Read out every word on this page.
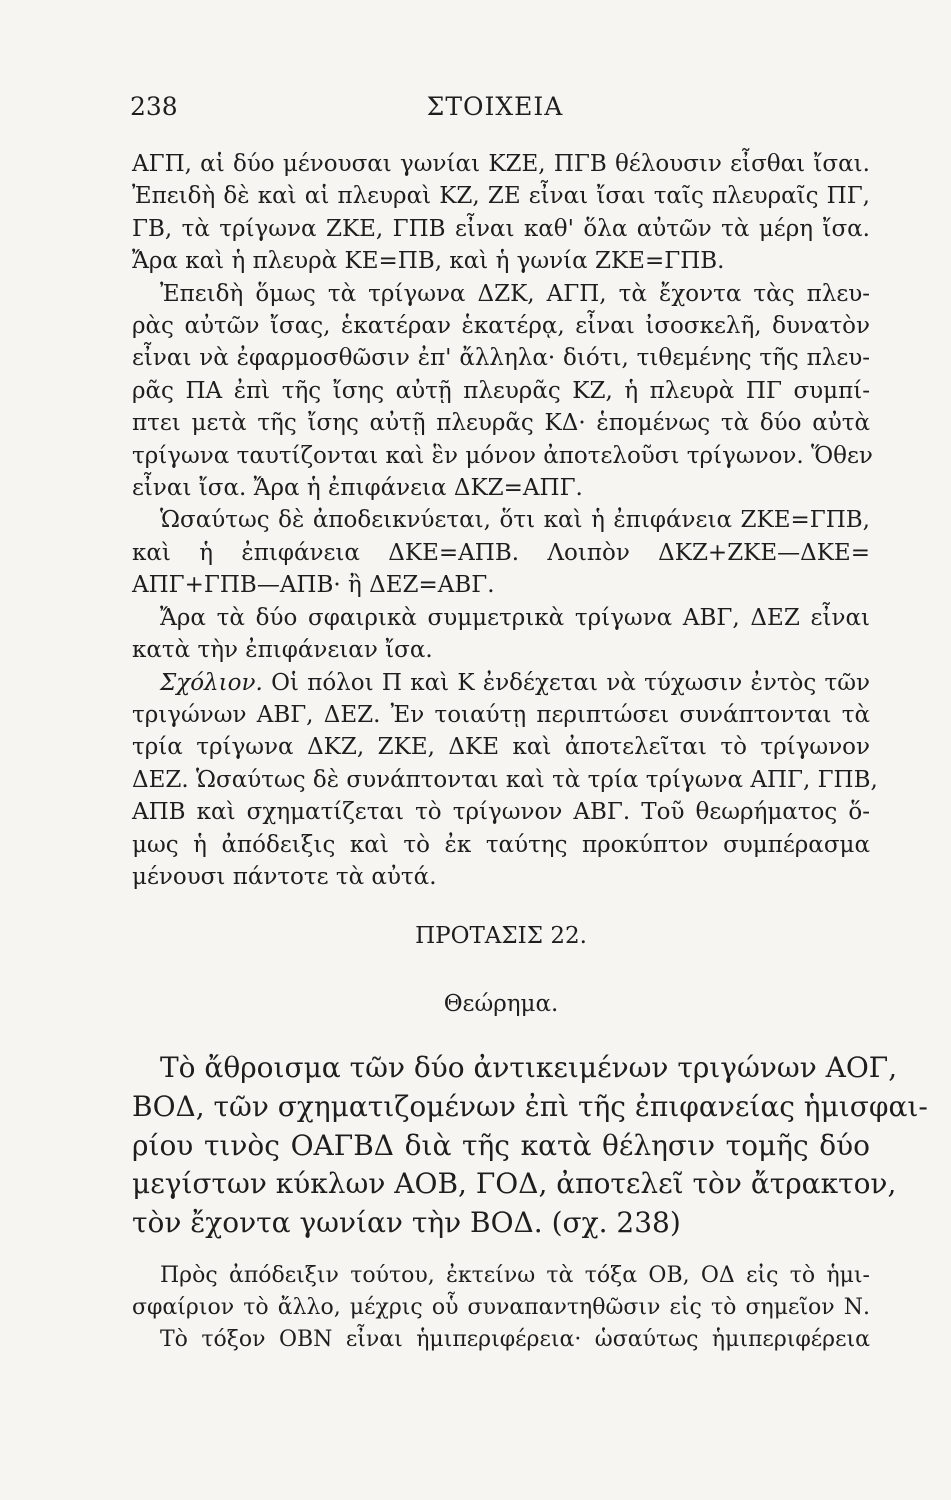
238	ΣΤΟΙΧΕΙΑ
ΑΓΠ, αἱ δύο μένουσαι γωνίαι ΚΖΕ, ΠΓΒ θέλουσιν εἶσθαι ἴσαι.
Ἐπειδὴ δὲ καὶ αἱ πλευραὶ ΚΖ, ΖΕ εἶναι ἴσαι ταῖς πλευραῖς ΠΓ,
ΓΒ, τὰ τρίγωνα ΖΚΕ, ΓΠΒ εἶναι καθ' ὅλα αὐτῶν τὰ μέρη ἴσα.
Ἄρα καὶ ἡ πλευρὰ ΚΕ=ΠΒ, καὶ ἡ γωνία ΖΚΕ=ΓΠΒ.
Ἐπειδὴ ὅμως τὰ τρίγωνα ΔΖΚ, ΑΓΠ, τὰ ἔχοντα τὰς πλευ-
ρὰς αὐτῶν ἴσας, ἑκατέραν ἑκατέρᾳ, εἶναι ἰσοσκελῆ, δυνατὸν
εἶναι νὰ ἐφαρμοσθῶσιν ἐπ' ἄλληλα· διότι, τιθεμένης τῆς πλευ-
ρᾶς ΠΑ ἐπὶ τῆς ἴσης αὐτῇ πλευρᾶς ΚΖ, ἡ πλευρὰ ΠΓ συμπί-
πτει μετὰ τῆς ἴσης αὐτῇ πλευρᾶς ΚΔ· ἑπομένως τὰ δύο αὐτὰ
τρίγωνα ταυτίζονται καὶ ἓν μόνον ἀποτελοῦσι τρίγωνον. Ὅθεν
εἶναι ἴσα. Ἄρα ἡ ἐπιφάνεια ΔΚΖ=ΑΠΓ.
Ὡσαύτως δὲ ἀποδεικνύεται, ὅτι καὶ ἡ ἐπιφάνεια ΖΚΕ=ΓΠΒ,
καὶ ἡ ἐπιφάνεια ΔΚΕ=ΑΠΒ. Λοιπὸν ΔΚΖ+ΖΚΕ—ΔΚΕ=
ΑΠΓ+ΓΠΒ—ΑΠΒ· ἢ ΔΕΖ=ΑΒΓ.
Ἄρα τὰ δύο σφαιρικὰ συμμετρικὰ τρίγωνα ΑΒΓ, ΔΕΖ εἶναι
κατὰ τὴν ἐπιφάνειαν ἴσα.
Σχόλιον. Οἱ πόλοι Π καὶ Κ ἐνδέχεται νὰ τύχωσιν ἐντὸς τῶν
τριγώνων ΑΒΓ, ΔΕΖ. Ἐν τοιαύτῃ περιπτώσει συνάπτονται τὰ
τρία τρίγωνα ΔΚΖ, ΖΚΕ, ΔΚΕ καὶ ἀποτελεῖται τὸ τρίγωνον
ΔΕΖ. Ὡσαύτως δὲ συνάπτονται καὶ τὰ τρία τρίγωνα ΑΠΓ, ΓΠΒ,
ΑΠΒ καὶ σχηματίζεται τὸ τρίγωνον ΑΒΓ. Τοῦ θεωρήματος ὅ-
μως ἡ ἀπόδειξις καὶ τὸ ἐκ ταύτης προκύπτον συμπέρασμα
μένουσι πάντοτε τὰ αὐτά.
ΠΡΟΤΑΣΙΣ 22.
Θεώρημα.
Τὸ ἄθροισμα τῶν δύο ἀντικειμένων τριγώνων ΑΟΓ,
ΒΟΔ, τῶν σχηματιζομένων ἐπὶ τῆς ἐπιφανείας ἡμισφαι-
ρίου τινὸς ΟΑΓΒΔ διὰ τῆς κατὰ θέλησιν τομῆς δύο
μεγίστων κύκλων ΑΟΒ, ΓΟΔ, ἀποτελεῖ τὸν ἄτρακτον,
τὸν ἔχοντα γωνίαν τὴν ΒΟΔ. (σχ. 238)
Πρὸς ἀπόδειξιν τούτου, ἐκτείνω τὰ τόξα ΟΒ, ΟΔ εἰς τὸ ἡμι-
σφαίριον τὸ ἄλλο, μέχρις οὗ συναπαντηθῶσιν εἰς τὸ σημεῖον Ν.
Τὸ τόξον ΟΒΝ εἶναι ἡμιπεριφέρεια· ὡσαύτως ἡμιπεριφέρεια
